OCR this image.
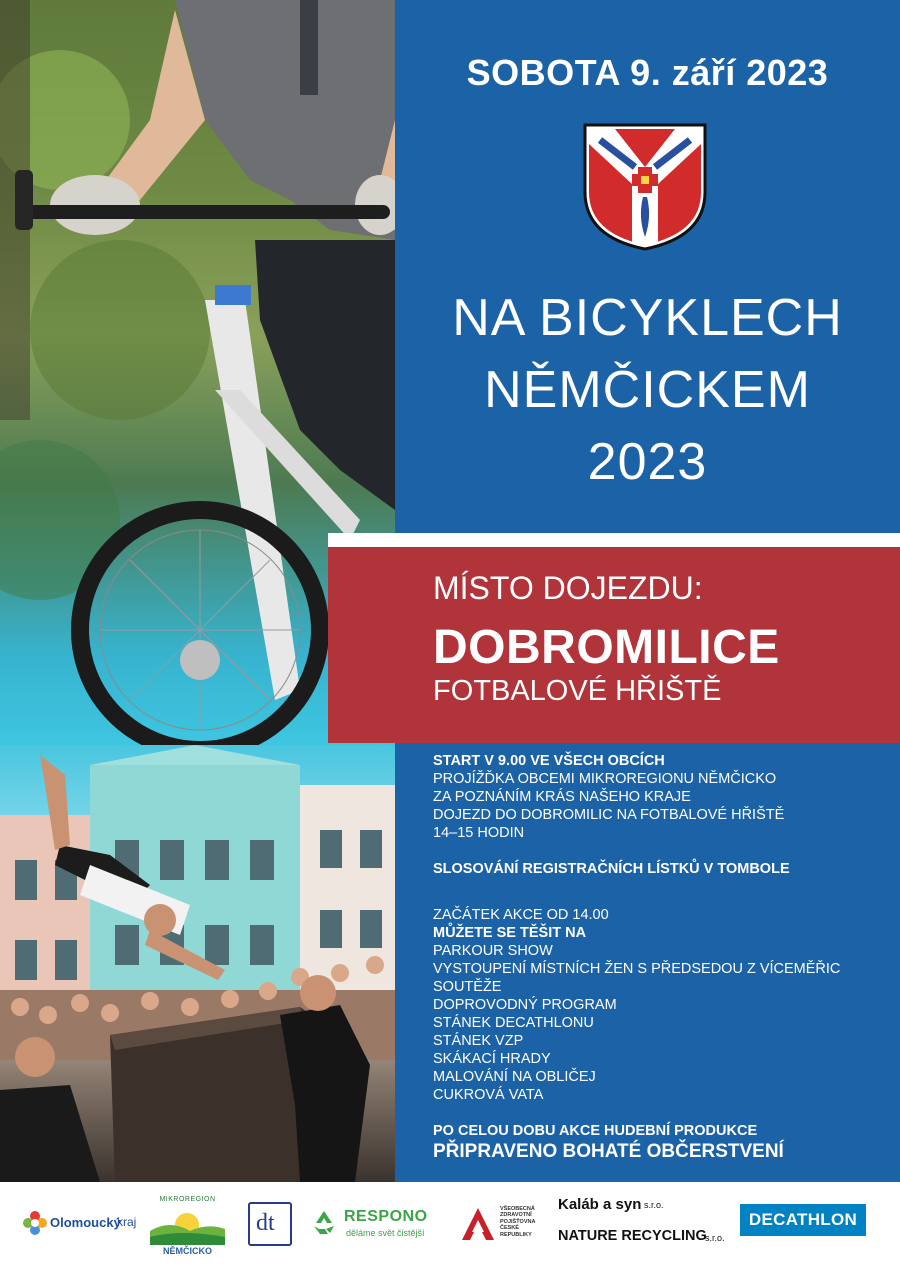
SOBOTA 9. září 2023
NA BICYKLECH
NĚMČICKEM
2023
MÍSTO DOJEZDU:
DOBROMILICE
FOTBALOVÉ HŘIŠTĚ
START V 9.00 VE VŠECH OBCÍCH
PROJÍŽĎKA OBCEMI MIKROREGIONU NĚMČICKO
ZA POZNÁNÍM KRÁS NAŠEHO KRAJE
DOJEZD DO DOBROMILIC NA FOTBALOVÉ HŘIŠTĚ
14–15 HODIN
SLOSOVÁNÍ REGISTRAČNÍCH LÍSTKŮ V TOMBOLE
ZAČÁTEK AKCE OD 14.00
MŮŽETE SE TĚŠIT NA
PARKOUR SHOW
VYSTOUPENÍ MÍSTNÍCH ŽEN S PŘEDSEDOU Z VÍCEMĚŘIC
SOUTĚŽE
DOPROVODNÝ PROGRAM
STÁNEK DECATHLONU
STÁNEK VZP
SKÁKACÍ HRADY
MALOVÁNÍ NA OBLIČEJ
CUKROVÁ VATA
PO CELOU DOBU AKCE HUDEBNÍ PRODUKCE
PŘIPRAVENO BOHATÉ OBČERSTVENÍ
Olomoucký
kraj
MIKROREGION
NĚMČICKO
dt	RESPONO
děláme svět čistější
VŠEOBECNÁ
ZDRAVOTNÍ
POJIŠŤOVNA
ČESKÉ
REPUBLIKY
Kaláb a syn s.r.o.
NATURE RECYCLING
s.r.o.
DECATHLON
